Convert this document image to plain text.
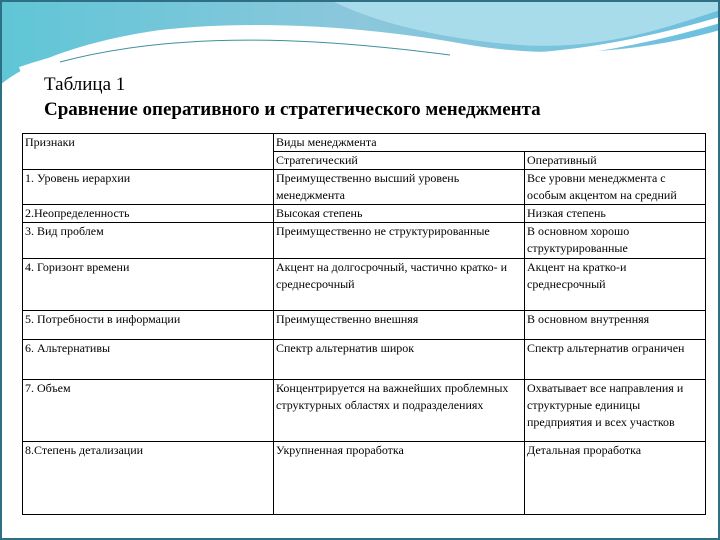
Таблица 1
Сравнение оперативного и стратегического менеджмента
Признаки	Виды менеджмента	
	Стратегический	Оперативный
1. Уровень иерархии	Преимущественно высший уровень менеджмента	Все уровни менеджмента с особым акцентом на средний
2.Неопределенность	Высокая степень	Низкая степень
3. Вид проблем	Преимущественно не структурированные	В основном хорошо структурированные
4. Горизонт времени	Акцент на долгосрочный, частично кратко- и среднесрочный	Акцент на кратко-и среднесрочный
5. Потребности в информации	Преимущественно внешняя	В основном внутренняя
6. Альтернативы	Спектр альтернатив широк	Спектр альтернатив ограничен
7. Объем	Концентрируется на важнейших проблемных структурных областях и подразделениях	Охватывает все направления и структурные единицы предприятия и всех участков
8.Степень детализации	Укрупненная проработка	Детальная проработка
